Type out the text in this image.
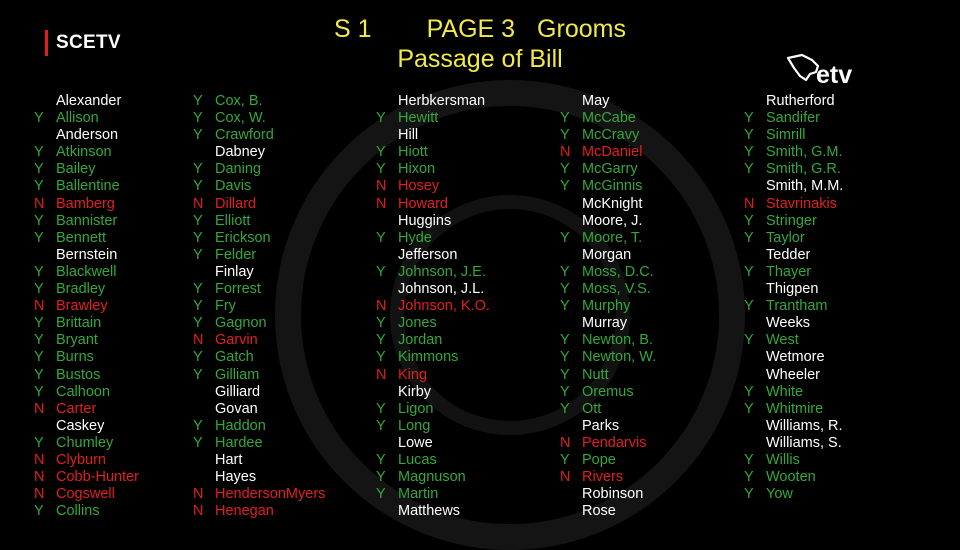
SCETV	S 1 PAGE 3 Grooms
Passage of Bill
etv
Alexander
Y Allison
Anderson
Y Atkinson
Y Bailey
Y Ballentine
N Bamberg
Y Bannister
Y Bennett
Bernstein
Y Blackwell
Y Bradley
N Brawley
Y Brittain
Y Bryant
Y Burns
Y Bustos
Y Calhoon
N Carter
Caskey
Y Chumley
N Clyburn
N Cobb-Hunter
N Cogswell
Y Collins
Y Cox, B.
Y Cox, W.
Y Crawford
Dabney
Y Daning
Y Davis
N Dillard
Y Elliott
Y Erickson
Y Felder
Finlay
Y Forrest
Y Fry
Y Gagnon
N Garvin
Y Gatch
Y Gilliam
Gilliard
Govan
Y Haddon
Y Hardee
Hart
Hayes
N HendersonMyers
N Henegan
Herbkersman
Y Hewitt
Hill
Y Hiott
Y Hixon
N Hosey
N Howard
Huggins
Y Hyde
Jefferson
Y Johnson, J.E.
Johnson, J.L.
N Johnson, K.O.
Y Jones
Y Jordan
Y Kimmons
N King
Kirby
Y Ligon
Y Long
Lowe
Y Lucas
Y Magnuson
Y Martin
Matthews
May
Y McCabe
Y McCravy
N McDaniel
Y McGarry
Y McGinnis
McKnight
Moore, J.
Y Moore, T.
Morgan
Y Moss, D.C.
Y Moss, V.S.
Y Murphy
Murray
Y Newton, B.
Y Newton, W.
Y Nutt
Y Oremus
Y Ott
Parks
N Pendarvis
Y Pope
N Rivers
Robinson
Rose
Rutherford
Y Sandifer
Y Simrill
Y Smith, G.M.
Y Smith, G.R.
Smith, M.M.
N Stavrinakis
Y Stringer
Y Taylor
Tedder
Y Thayer
Thigpen
Y Trantham
Weeks
Y West
Wetmore
Wheeler
Y White
Y Whitmire
Williams, R.
Williams, S.
Y Willis
Y Wooten
Y Yow
